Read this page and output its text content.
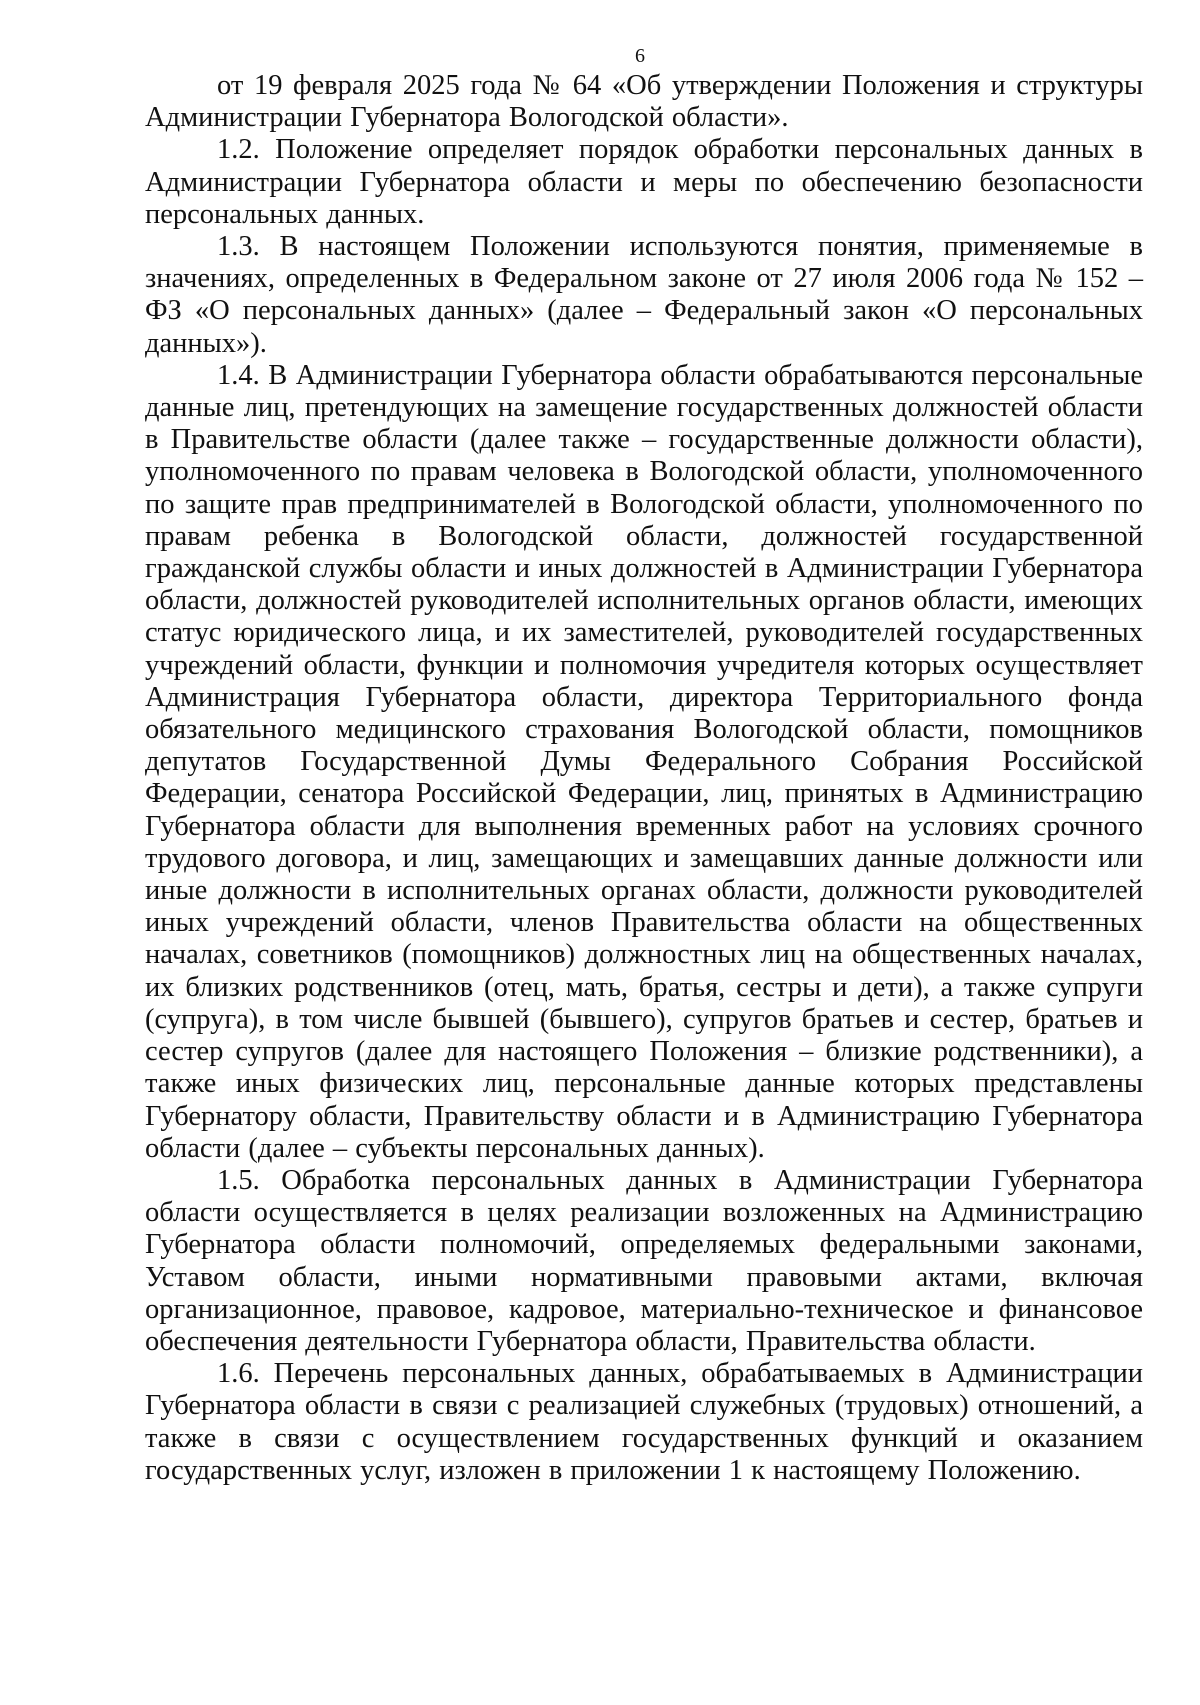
6

от 19 февраля 2025 года № 64 «Об утверждении Положения и структуры Администрации Губернатора Вологодской области».

1.2. Положение определяет порядок обработки персональных данных в Администрации Губернатора области и меры по обеспечению безопасности персональных данных.

1.3. В настоящем Положении используются понятия, применяемые в значениях, определенных в Федеральном законе от 27 июля 2006 года № 152 – ФЗ «О персональных данных» (далее – Федеральный закон «О персональных данных»).

1.4. В Администрации Губернатора области обрабатываются персональные данные лиц, претендующих на замещение государственных должностей области в Правительстве области (далее также – государственные должности области), уполномоченного по правам человека в Вологодской области, уполномоченного по защите прав предпринимателей в Вологодской области, уполномоченного по правам ребенка в Вологодской области, должностей государственной гражданской службы области и иных должностей в Администрации Губернатора области, должностей руководителей исполнительных органов области, имеющих статус юридического лица, и их заместителей, руководителей государственных учреждений области, функции и полномочия учредителя которых осуществляет Администрация Губернатора области, директора Территориального фонда обязательного медицинского страхования Вологодской области, помощников депутатов Государственной Думы Федерального Собрания Российской Федерации, сенатора Российской Федерации, лиц, принятых в Администрацию Губернатора области для выполнения временных работ на условиях срочного трудового договора, и лиц, замещающих и замещавших данные должности или иные должности в исполнительных органах области, должности руководителей иных учреждений области, членов Правительства области на общественных началах, советников (помощников) должностных лиц на общественных началах, их близких родственников (отец, мать, братья, сестры и дети), а также супруги (супруга), в том числе бывшей (бывшего), супругов братьев и сестер, братьев и сестер супругов (далее для настоящего Положения – близкие родственники), а также иных физических лиц, персональные данные которых представлены Губернатору области, Правительству области и в Администрацию Губернатора области (далее – субъекты персональных данных).

1.5. Обработка персональных данных в Администрации Губернатора области осуществляется в целях реализации возложенных на Администрацию Губернатора области полномочий, определяемых федеральными законами, Уставом области, иными нормативными правовыми актами, включая организационное, правовое, кадровое, материально-техническое и финансовое обеспечения деятельности Губернатора области, Правительства области.

1.6. Перечень персональных данных, обрабатываемых в Администрации Губернатора области в связи с реализацией служебных (трудовых) отношений, а также в связи с осуществлением государственных функций и оказанием государственных услуг, изложен в приложении 1 к настоящему Положению.
